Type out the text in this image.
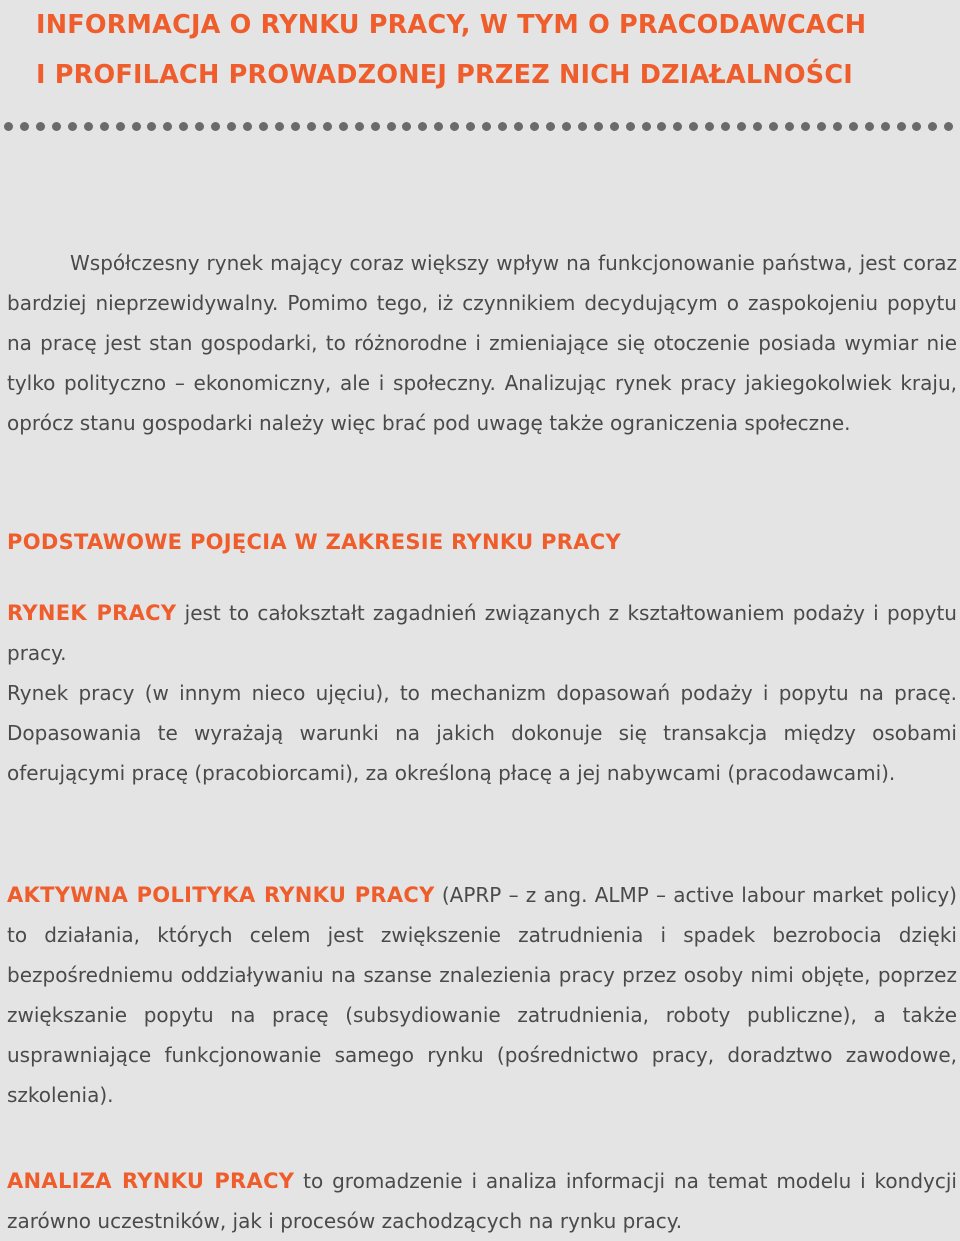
INFORMACJA O RYNKU PRACY, W TYM O PRACODAWCACH
I PROFILACH PROWADZONEJ PRZEZ NICH DZIAŁALNOŚCI

Współczesny rynek mający coraz większy wpływ na funkcjonowanie państwa, jest coraz bardziej nieprzewidywalny. Pomimo tego, iż czynnikiem decydującym o zaspokojeniu popytu na pracę jest stan gospodarki, to różnorodne i zmieniające się otoczenie posiada wymiar nie tylko polityczno – ekonomiczny, ale i społeczny. Analizując rynek pracy jakiegokolwiek kraju, oprócz stanu gospodarki należy więc brać pod uwagę także ograniczenia społeczne.

PODSTAWOWE POJĘCIA W ZAKRESIE RYNKU PRACY

RYNEK PRACY jest to całokształt zagadnień związanych z kształtowaniem podaży i popytu pracy.

Rynek pracy (w innym nieco ujęciu), to mechanizm dopasowań podaży i popytu na pracę. Dopasowania te wyrażają warunki na jakich dokonuje się transakcja między osobami oferującymi pracę (pracobiorcami), za określoną płacę a jej nabywcami (pracodawcami).

AKTYWNA POLITYKA RYNKU PRACY (APRP – z ang. ALMP – active labour market policy) to działania, których celem jest zwiększenie zatrudnienia i spadek bezrobocia dzięki bezpośredniemu oddziaływaniu na szanse znalezienia pracy przez osoby nimi objęte, poprzez zwiększanie popytu na pracę (subsydiowanie zatrudnienia, roboty publiczne), a także usprawniające funkcjonowanie samego rynku (pośrednictwo pracy, doradztwo zawodowe, szkolenia).

ANALIZA RYNKU PRACY to gromadzenie i analiza informacji na temat modelu i kondycji zarówno uczestników, jak i procesów zachodzących na rynku pracy.
